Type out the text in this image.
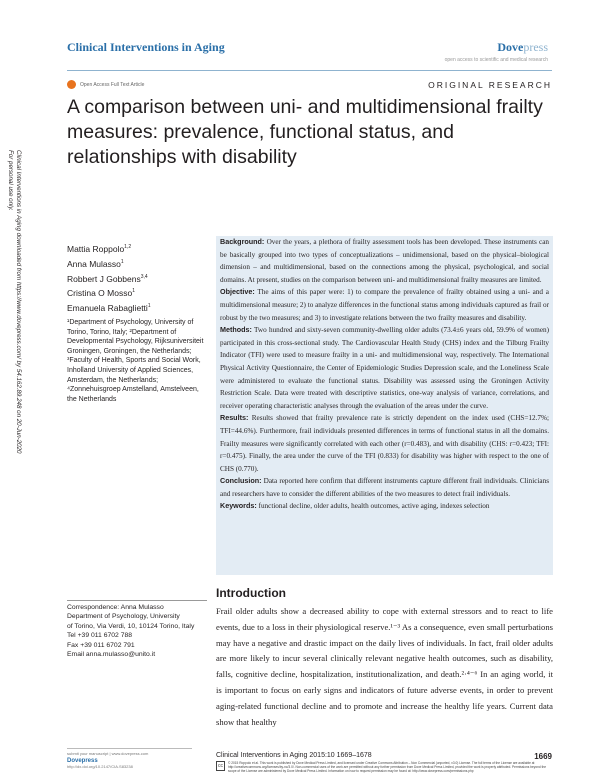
Clinical Interventions in Aging	Dovepress
open access to scientific and medical research
Open Access Full Text Article	ORIGINAL RESEARCH
A comparison between uni- and multidimensional frailty measures: prevalence, functional status, and relationships with disability
Clinical Interventions in Aging downloaded from https://www.dovepress.com/ by 54.162.89.248 on 20-Jun-2020
For personal use only.
Mattia Roppolo$^{1,2}$
Anna Mulasso$^1$
Robbert J Gobbens$^{3,4}$
Cristina O Mosso$^1$
Emanuela Rabaglietti$^1$
¹Department of Psychology, University of Torino, Torino, Italy; ²Department of Developmental Psychology, Rijksuniversiteit Groningen, Groningen, the Netherlands; ³Faculty of Health, Sports and Social Work, Inholland University of Applied Sciences, Amsterdam, the Netherlands; ⁴Zonnehuisgroep Amstelland, Amstelveen, the Netherlands
Correspondence: Anna Mulasso
Department of Psychology, University
of Torino, Via Verdi, 10, 10124 Torino, Italy
Tel +39 011 6702 788
Fax +39 011 6702 791
Email anna.mulasso@unito.it

Background: Over the years, a plethora of frailty assessment tools has been developed. These instruments can be basically grouped into two types of conceptualizations – unidimensional, based on the physical–biological dimension – and multidimensional, based on the connections among the physical, psychological, and social domains. At present, studies on the comparison between uni- and multidimensional frailty measures are limited.

Objective: The aims of this paper were: 1) to compare the prevalence of frailty obtained using a uni- and a multidimensional measure; 2) to analyze differences in the functional status among individuals captured as frail or robust by the two measures; and 3) to investigate relations between the two frailty measures and disability.

Methods: Two hundred and sixty-seven community-dwelling older adults (73.4±6 years old, 59.9% of women) participated in this cross-sectional study. The Cardiovascular Health Study (CHS) index and the Tilburg Frailty Indicator (TFI) were used to measure frailty in a uni- and multidimensional way, respectively. The International Physical Activity Questionnaire, the Center of Epidemiologic Studies Depression scale, and the Loneliness Scale were administered to evaluate the functional status. Disability was assessed using the Groningen Activity Restriction Scale. Data were treated with descriptive statistics, one-way analysis of variance, correlations, and receiver operating characteristic analyses through the evaluation of the areas under the curve.

Results: Results showed that frailty prevalence rate is strictly dependent on the index used (CHS=12.7%; TFI=44.6%). Furthermore, frail individuals presented differences in terms of functional status in all the domains. Frailty measures were significantly correlated with each other (r=0.483), and with disability (CHS: r=0.423; TFI: r=0.475). Finally, the area under the curve of the TFI (0.833) for disability was higher with respect to the one of CHS (0.770).

Conclusion: Data reported here confirm that different instruments capture different frail individuals. Clinicians and researchers have to consider the different abilities of the two measures to detect frail individuals.

Keywords: functional decline, older adults, health outcomes, active aging, indexes selection

Introduction
Frail older adults show a decreased ability to cope with external stressors and to react to life events, due to a loss in their physiological reserve.¹⁻³ As a consequence, even small perturbations may have a negative and drastic impact on the daily lives of individuals. In fact, frail older adults are more likely to incur several clinically relevant negative health outcomes, such as disability, falls, cognitive decline, hospitalization, institutionalization, and death.²·⁴⁻⁶ In an aging world, it is important to focus on early signs and indicators of future adverse events, in order to prevent aging-related functional decline and to promote and increase the healthy life years. Current data show that healthy
submit your manuscript | www.dovepress.com
Dovepress
http://dx.doi.org/10.2147/CIA.S83238
Clinical Interventions in Aging 2015:10 1669–1678	1669
cc	© 2015 Roppolo et al. This work is published by Dove Medical Press Limited, and licensed under Creative Commons Attribution – Non Commercial (unported, v3.0) License. The full terms of the License are available at http://creativecommons.org/licenses/by-nc/3.0/. Non-commercial uses of the work are permitted without any further permission from Dove Medical Press Limited, provided the work is properly attributed. Permissions beyond the scope of the License are administered by Dove Medical Press Limited. Information on how to request permission may be found at: http://www.dovepress.com/permissions.php
